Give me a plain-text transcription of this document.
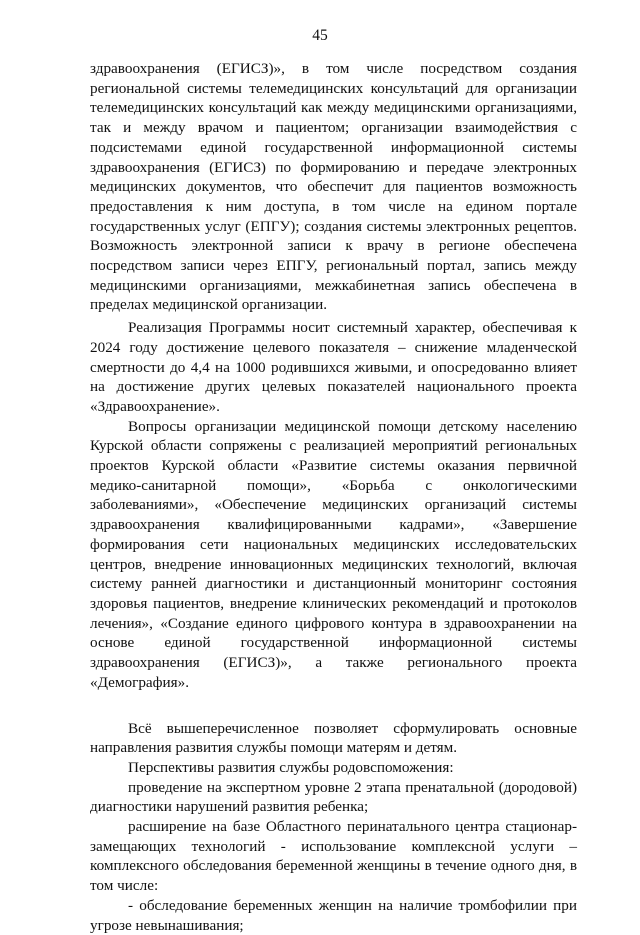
45

здравоохранения (ЕГИСЗ)», в том числе посредством создания региональной системы телемедицинских консультаций для организации телемедицинских консультаций как между медицинскими организациями, так и между врачом и пациентом; организации взаимодействия с подсистемами единой государственной информационной системы здравоохранения (ЕГИСЗ) по формированию и передаче электронных медицинских документов, что обеспечит для пациентов возможность предоставления к ним доступа, в том числе на едином портале государственных услуг (ЕПГУ); создания системы электронных рецептов. Возможность электронной записи к врачу в регионе обеспечена посредством записи через ЕПГУ, региональный портал, запись между медицинскими организациями, межкабинетная запись обеспечена в пределах медицинской организации.

Реализация Программы носит системный характер, обеспечивая к 2024 году достижение целевого показателя – снижение младенческой смертности до 4,4 на 1000 родившихся живыми, и опосредованно влияет на достижение других целевых показателей национального проекта «Здравоохранение».

Вопросы организации медицинской помощи детскому населению Курской области сопряжены с реализацией мероприятий региональных проектов Курской области «Развитие системы оказания первичной медико-санитарной помощи», «Борьба с онкологическими заболеваниями», «Обеспечение медицинских организаций системы здравоохранения квалифицированными кадрами», «Завершение формирования сети национальных медицинских исследовательских центров, внедрение инновационных медицинских технологий, включая систему ранней диагностики и дистанционный мониторинг состояния здоровья пациентов, внедрение клинических рекомендаций и протоколов лечения», «Создание единого цифрового контура в здравоохранении на основе единой государственной информационной системы здравоохранения (ЕГИСЗ)», а также регионального проекта «Демография».

Всё вышеперечисленное позволяет сформулировать основные направления развития службы помощи матерям и детям.

Перспективы развития службы родовспоможения:

проведение на экспертном уровне 2 этапа пренатальной (дородовой) диагностики нарушений развития ребенка;

расширение на базе Областного перинатального центра стационар-замещающих технологий - использование комплексной услуги – комплексного обследования беременной женщины в течение одного дня, в том числе:

- обследование беременных женщин на наличие тромбофилии при угрозе невынашивания;
